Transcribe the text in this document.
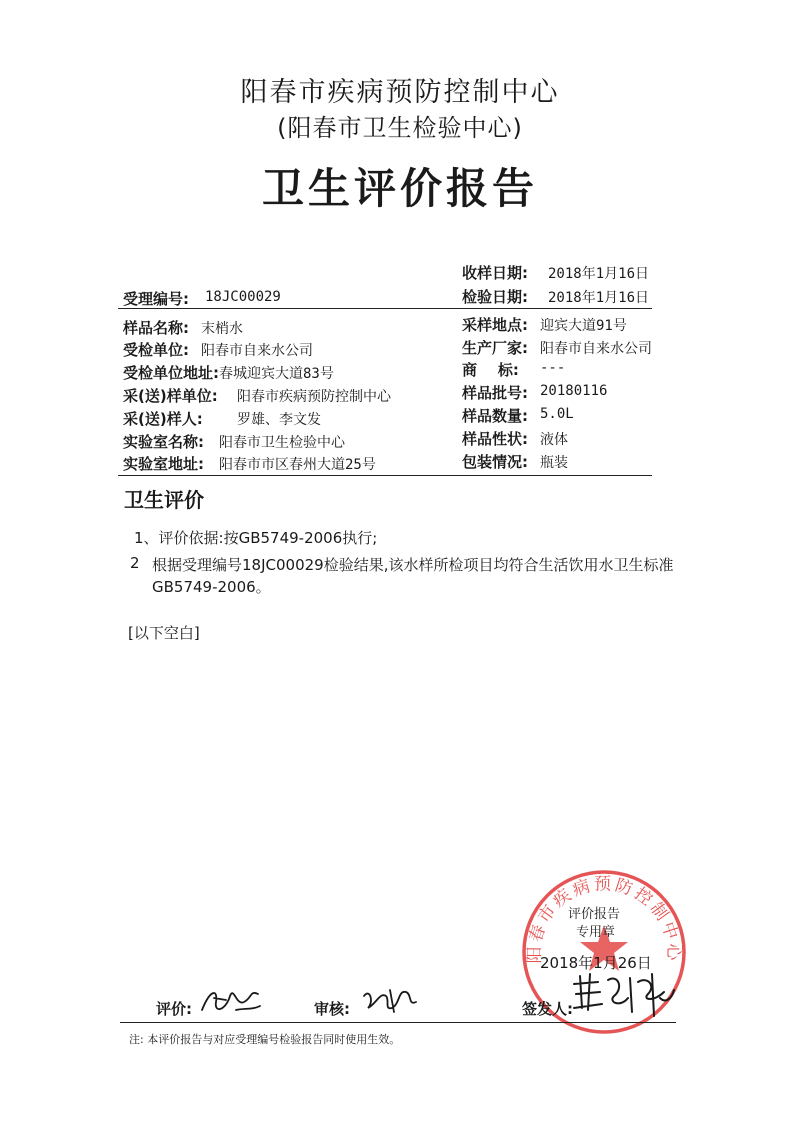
阳春市疾病预防控制中心
(阳春市卫生检验中心)
卫生评价报告
收样日期: 2018年1月16日
受理编号: 18JC00029	检验日期: 2018年1月16日
样品名称: 末梢水
受检单位: 阳春市自来水公司
受检单位地址: 春城迎宾大道83号
采(送)样单位: 阳春市疾病预防控制中心
采(送)样人: 罗雄、李文发
实验室名称: 阳春市卫生检验中心
实验室地址: 阳春市市区春州大道25号
采样地点: 迎宾大道91号
生产厂家: 阳春市自来水公司
商    标: ---
样品批号: 20180116
样品数量: 5.0L
样品性状: 液体
包装情况: 瓶装
卫生评价
1、评价依据:按GB5749-2006执行;
2 根据受理编号18JC00029检验结果,该水样所检项目均符合生活饮用水卫生标准
GB5749-2006。
[以下空白]
阳春市疾病预防控制中心
评价报告
专用章
2018年1月26日
评价:	审核:	签发人:
注: 本评价报告与对应受理编号检验报告同时使用生效。
